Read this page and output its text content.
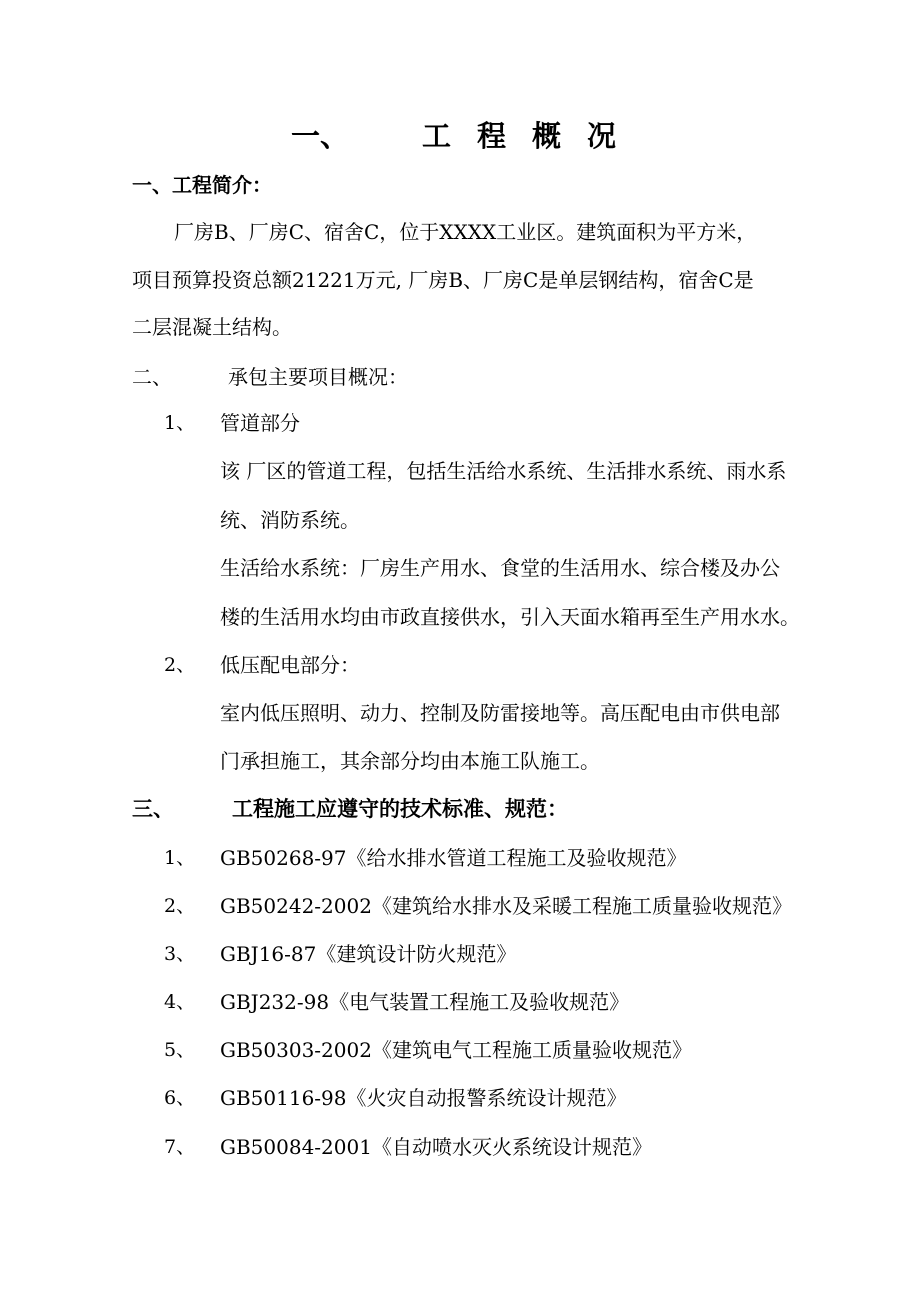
一、	工 程 概 况
一、工程简介：
厂房B、厂房C、宿舍C，位于XXXX工业区。建筑面积为平方米，
项目预算投资总额21221万元, 厂房B、厂房C是单层钢结构，宿舍C是
二层混凝土结构。
二、	承包主要项目概况：
1、 管道部分
该 厂区的管道工程，包括生活给水系统、生活排水系统、雨水系
统、消防系统。
生活给水系统：厂房生产用水、食堂的生活用水、综合楼及办公
楼的生活用水均由市政直接供水，引入天面水箱再至生产用水水。
2、 低压配电部分：
室内低压照明、动力、控制及防雷接地等。高压配电由市供电部
门承担施工，其余部分均由本施工队施工。
三、	工程施工应遵守的技术标准、规范：
1、 GB50268-97《给水排水管道工程施工及验收规范》
2、 GB50242-2002《建筑给水排水及采暖工程施工质量验收规范》
3、 GBJ16-87《建筑设计防火规范》
4、 GBJ232-98《电气装置工程施工及验收规范》
5、 GB50303-2002《建筑电气工程施工质量验收规范》
6、 GB50116-98《火灾自动报警系统设计规范》
7、 GB50084-2001《自动喷水灭火系统设计规范》
